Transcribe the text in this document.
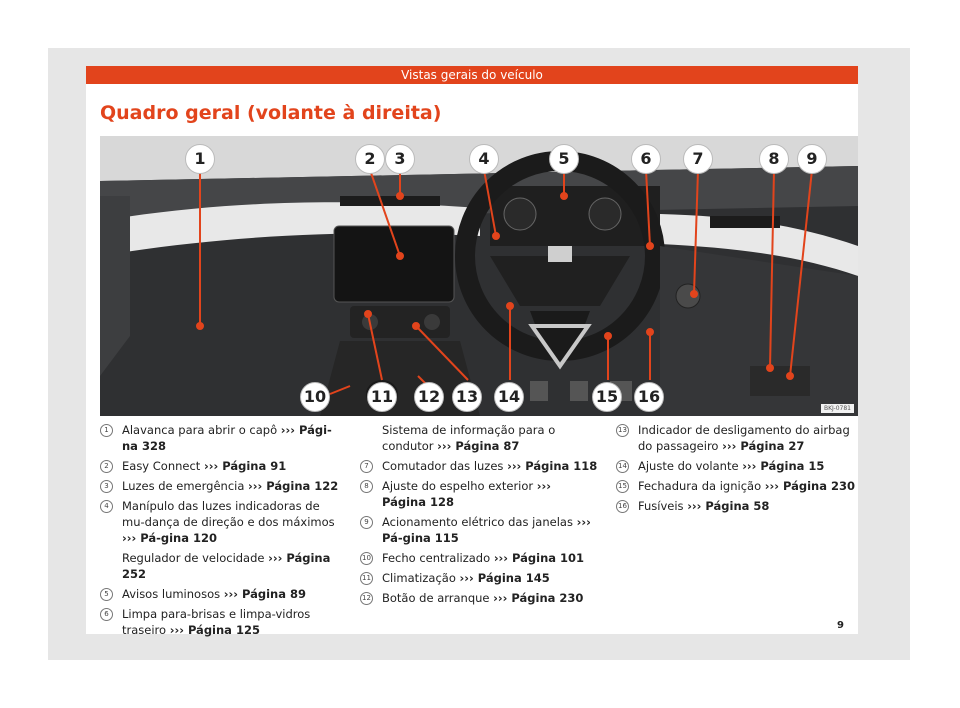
Vistas gerais do veículo
Quadro geral (volante à direita)
1	2	3	4	5	6	7	8	9
10	11 12 13 14	15 16
BKJ-0781
1	Alavanca para abrir o capô ››› Pági-na 328
2	Easy Connect ››› Página 91
3	Luzes de emergência ››› Página 122
4	Manípulo das luzes indicadoras de mu-dança de direção e dos máximos ››› Pá-gina 120
Regulador de velocidade ››› Página 252
5	Avisos luminosos ››› Página 89
6	Limpa para-brisas e limpa-vidros traseiro ››› Página 125
Sistema de informação para o condutor ››› Página 87
7	Comutador das luzes ››› Página 118
8	Ajuste do espelho exterior ››› Página 128
9	Acionamento elétrico das janelas ››› Pá-gina 115
10 Fecho centralizado ››› Página 101
11 Climatização ››› Página 145
12 Botão de arranque ››› Página 230
13 Indicador de desligamento do airbag do passageiro ››› Página 27
14 Ajuste do volante ››› Página 15
15 Fechadura da ignição ››› Página 230
16 Fusíveis ››› Página 58
9
